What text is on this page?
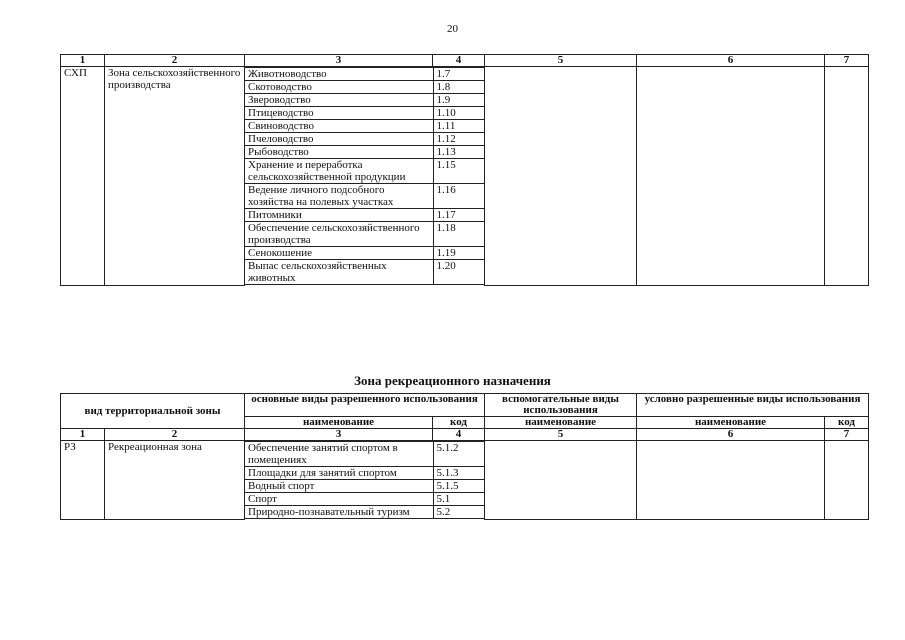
20
1	2	3	4	5	6	7
СХП	Зона сельскохозяйственного производства	
Животноводство	1.7
Скотоводство	1.8
Звероводство	1.9
Птицеводство	1.10
Свиноводство	1.11
Пчеловодство	1.12
Рыбоводство	1.13
Хранение и переработка сельскохозяйственной продукции	1.15
Ведение личного подсобного хозяйства на полевых участках	1.16
Питомники	1.17
Обеспечение сельскохозяйственного производства	1.18
Сенокошение	1.19
Выпас сельскохозяйственных животных	1.20

Зона рекреационного назначения
вид территориальной зоны	основные виды разрешенного использования	вспомогательные виды использования	условно разрешенные виды использования
наименование	код	наименование	наименование	код
1	2	3	4	5	6	7
РЗ	Рекреационная зона		Обеспечение занятий спортом в помещениях	5.1.2
Площадки для занятий спортом	5.1.3
Водный спорт	5.1.5
Спорт	5.1
Природно-познавательный туризм	5.2
